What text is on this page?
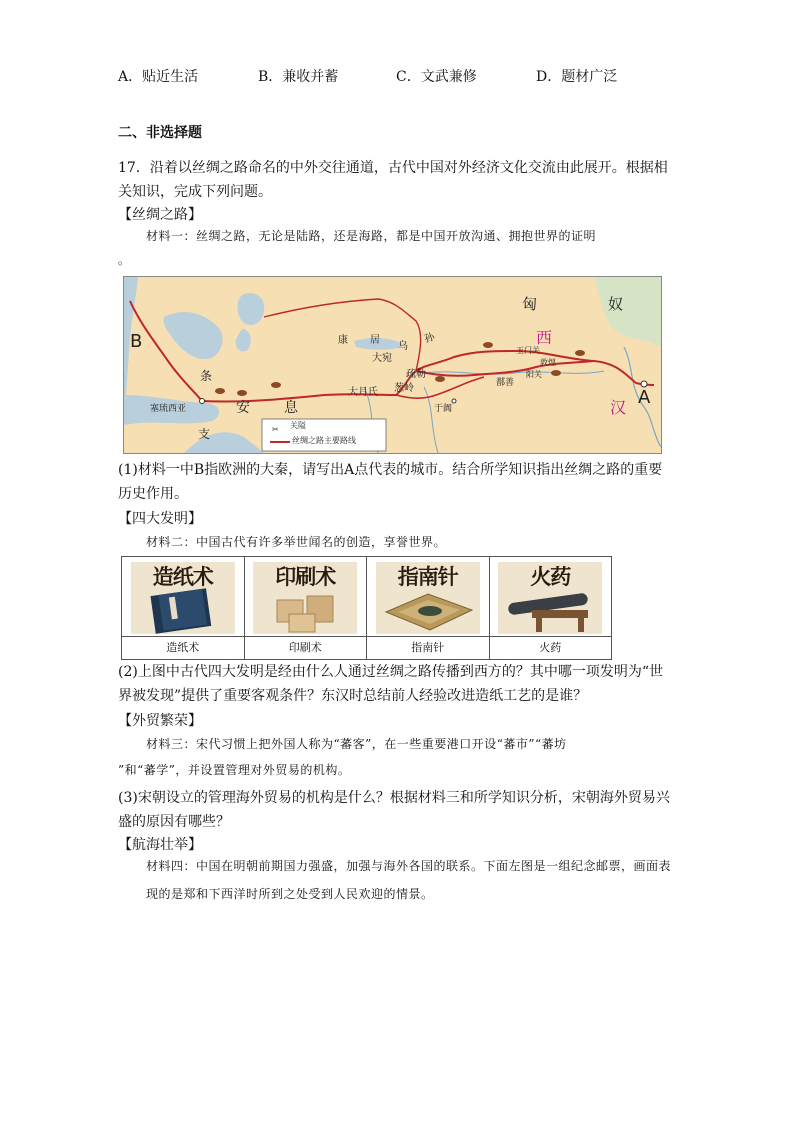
A．贴近生活	B．兼收并蓄	C．文武兼修	D．题材广泛
二、非选择题
17．沿着以丝绸之路命名的中外交往通道，古代中国对外经济文化交流由此展开。根据相关知识，完成下列问题。
【丝绸之路】
材料一：丝绸之路，无论是陆路，还是海路，都是中国开放沟通、拥抱世界的证明
。
✂
匈	奴
西
汉 A
B	康 居
乌
孙
大宛
疏勒
葱岭
大月氏
玉门关
敦煌
阳关
鄯善
于阗
条
安 息
支
塞琉西亚
关隘
丝绸之路主要路线
(1)材料一中B指欧洲的大秦，请写出A点代表的城市。结合所学知识指出丝绸之路的重要历史作用。
【四大发明】
材料二：中国古代有许多举世闻名的创造，享誉世界。
造纸术	印刷术	指南针	火药

造纸术	印刷术	指南针	火药
(2)上图中古代四大发明是经由什么人通过丝绸之路传播到西方的？其中哪一项发明为“世界被发现”提供了重要客观条件？东汉时总结前人经验改进造纸工艺的是谁？
【外贸繁荣】
材料三：宋代习惯上把外国人称为“蕃客”，在一些重要港口开设“蕃市”“蕃坊
”和“蕃学”，并设置管理对外贸易的机构。
(3)宋朝设立的管理海外贸易的机构是什么？根据材料三和所学知识分析，宋朝海外贸易兴盛的原因有哪些？
【航海壮举】
材料四：中国在明朝前期国力强盛，加强与海外各国的联系。下面左图是一组纪念邮票，画面表现的是郑和下西洋时所到之处受到人民欢迎的情景。
